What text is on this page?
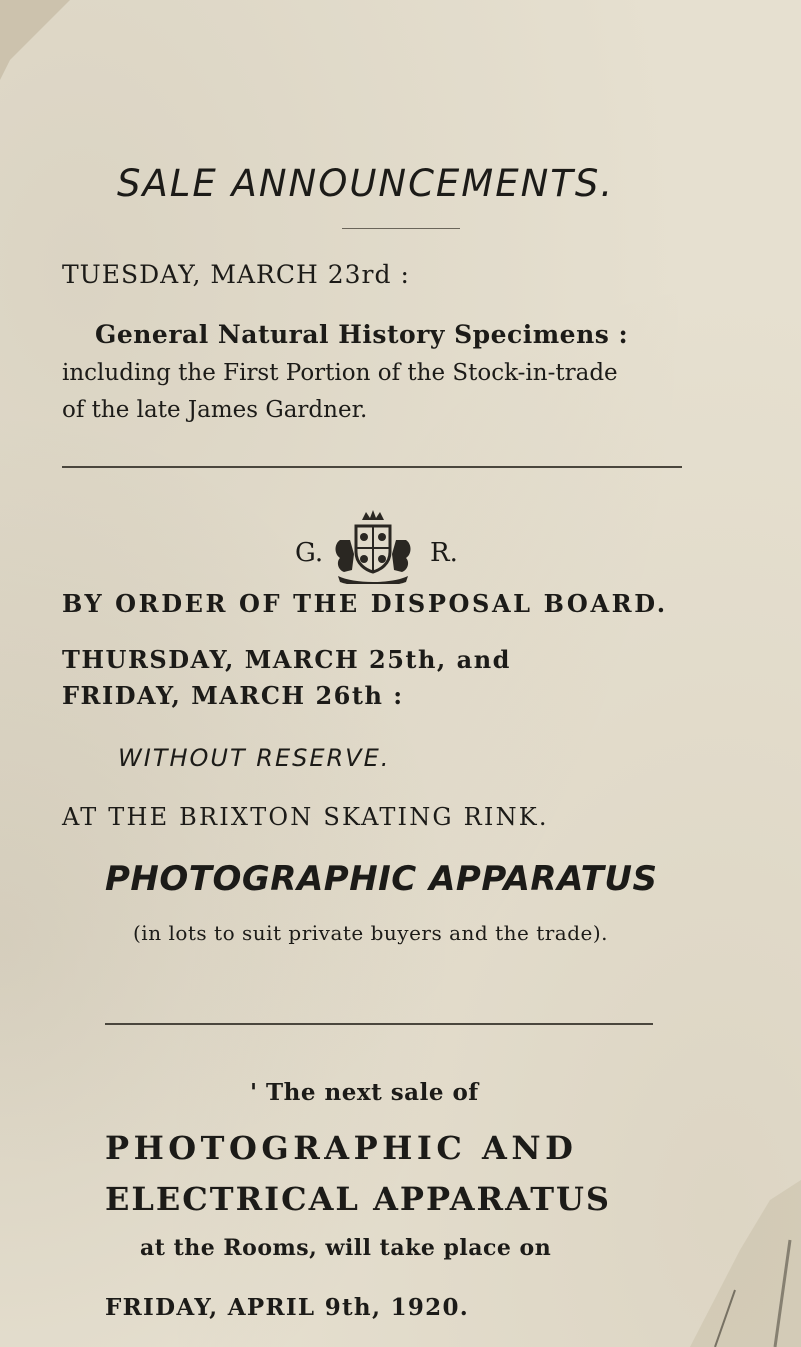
SALE ANNOUNCEMENTS.
TUESDAY, MARCH 23rd :
General Natural History Specimens :
including the First Portion of the Stock-in-trade
of the late James Gardner.
G.	R.
BY ORDER OF THE DISPOSAL BOARD.
THURSDAY, MARCH 25th, and
FRIDAY, MARCH 26th :
WITHOUT RESERVE.
AT THE BRIXTON SKATING RINK.
PHOTOGRAPHIC APPARATUS
(in lots to suit private buyers and the trade).
' The next sale of
PHOTOGRAPHIC AND
ELECTRICAL APPARATUS
at the Rooms, will take place on
FRIDAY, APRIL 9th, 1920.
